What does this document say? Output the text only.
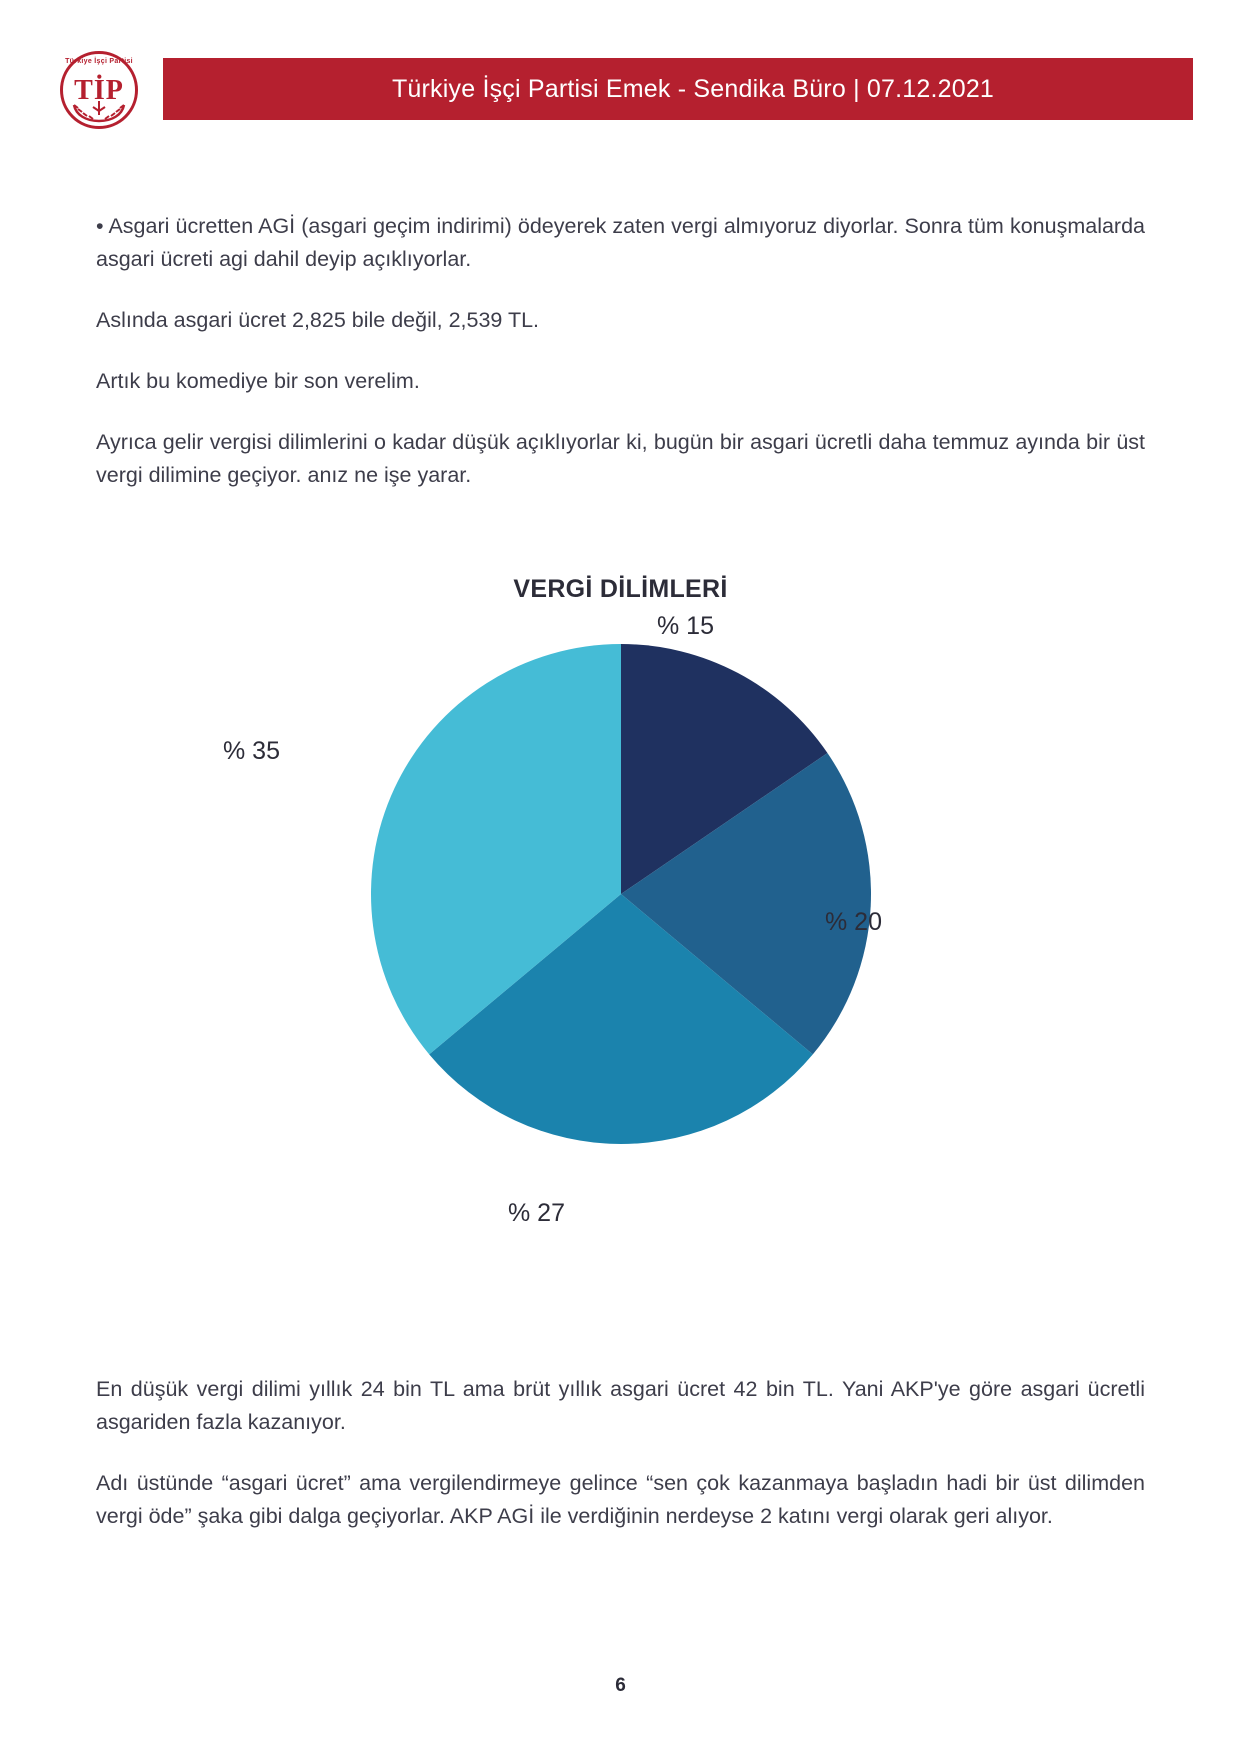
Türkiye İşçi Partisi Emek - Sendika Büro | 07.12.2021
Türkiye İşçi Partisi
TİP

• Asgari ücretten AGİ (asgari geçim indirimi) ödeyerek zaten vergi almıyoruz diyorlar. Sonra tüm konuşmalarda asgari ücreti agi dahil deyip açıklıyorlar.

Aslında asgari ücret 2,825 bile değil, 2,539 TL.

Artık bu komediye bir son verelim.

Ayrıca gelir vergisi dilimlerini o kadar düşük açıklıyorlar ki, bugün bir asgari ücretli daha temmuz ayında bir üst vergi dilimine geçiyor. anız ne işe yarar.

VERGİ DİLİMLERİ
% 15
% 20
% 27
% 35

En düşük vergi dilimi yıllık 24 bin TL ama brüt yıllık asgari ücret 42 bin TL. Yani AKP'ye göre asgari ücretli asgariden fazla kazanıyor.

Adı üstünde “asgari ücret” ama vergilendirmeye gelince “sen çok kazanmaya başladın hadi bir üst dilimden vergi öde” şaka gibi dalga geçiyorlar. AKP AGİ ile verdiğinin nerdeyse 2 katını vergi olarak geri alıyor.

6
